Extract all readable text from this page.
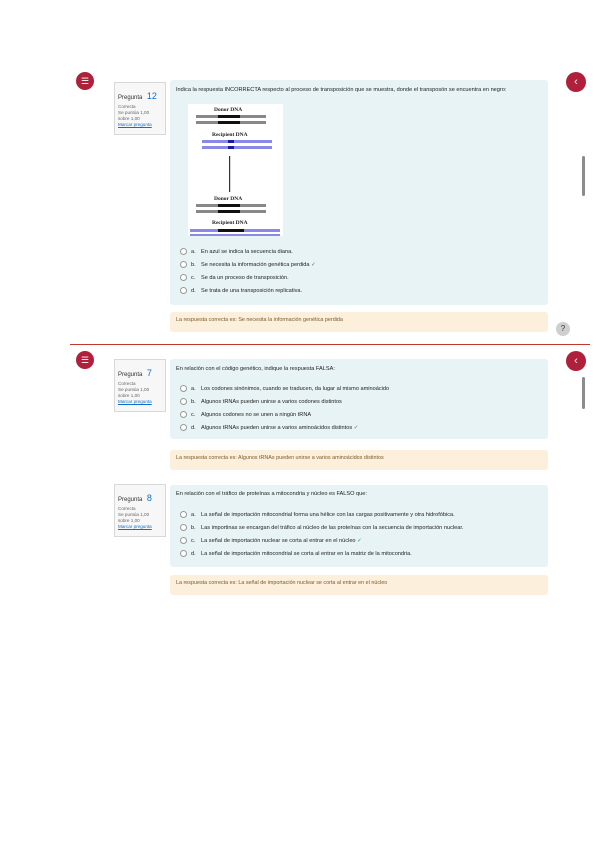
☰	‹
Pregunta 12
Correcta
Se puntúa 1,00
sobre 1,00
Marcar pregunta
Indica la respuesta INCORRECTA respecto al proceso de transposición que se muestra, donde el transposón se encuentra en negro:
Donor DNA
Recipient DNA
Donor DNA
Recipient DNA
a. En azul se indica la secuencia diana.
b. Se necesita la información genética perdida ✓
c. Se da un proceso de transposición.
d. Se trata de una transposición replicativa.
La respuesta correcta es: Se necesita la información genética perdida
?
☰	‹
Pregunta 7
Correcta
Se puntúa 1,00
sobre 1,00
Marcar pregunta
En relación con el código genético, indique la respuesta FALSA:
a. Los codones sinónimos, cuando se traducen, da lugar al mismo aminoácido
b. Algunos tRNAs pueden unirse a varios codones distintos
c. Algunos codones no se unen a ningún tRNA
d. Algunos tRNAs pueden unirse a varios aminoácidos distintos ✓
La respuesta correcta es: Algunos tRNAs pueden unirse a varios aminoácidos distintos
Pregunta 8
Correcta
Se puntúa 1,00
sobre 1,00
Marcar pregunta
En relación con el tráfico de proteínas a mitocondria y núcleo es FALSO que:
a. La señal de importación mitocondrial forma una hélice con las cargas positivamente y otra hidrofóbica.
b. Las importinas se encargan del tráfico al núcleo de las proteínas con la secuencia de importación nuclear.
c. La señal de importación nuclear se corta al entrar en el núcleo ✓
d. La señal de importación mitocondrial se corta al entrar en la matriz de la mitocondria.
La respuesta correcta es: La señal de importación nuclear se corta al entrar en el núcleo
